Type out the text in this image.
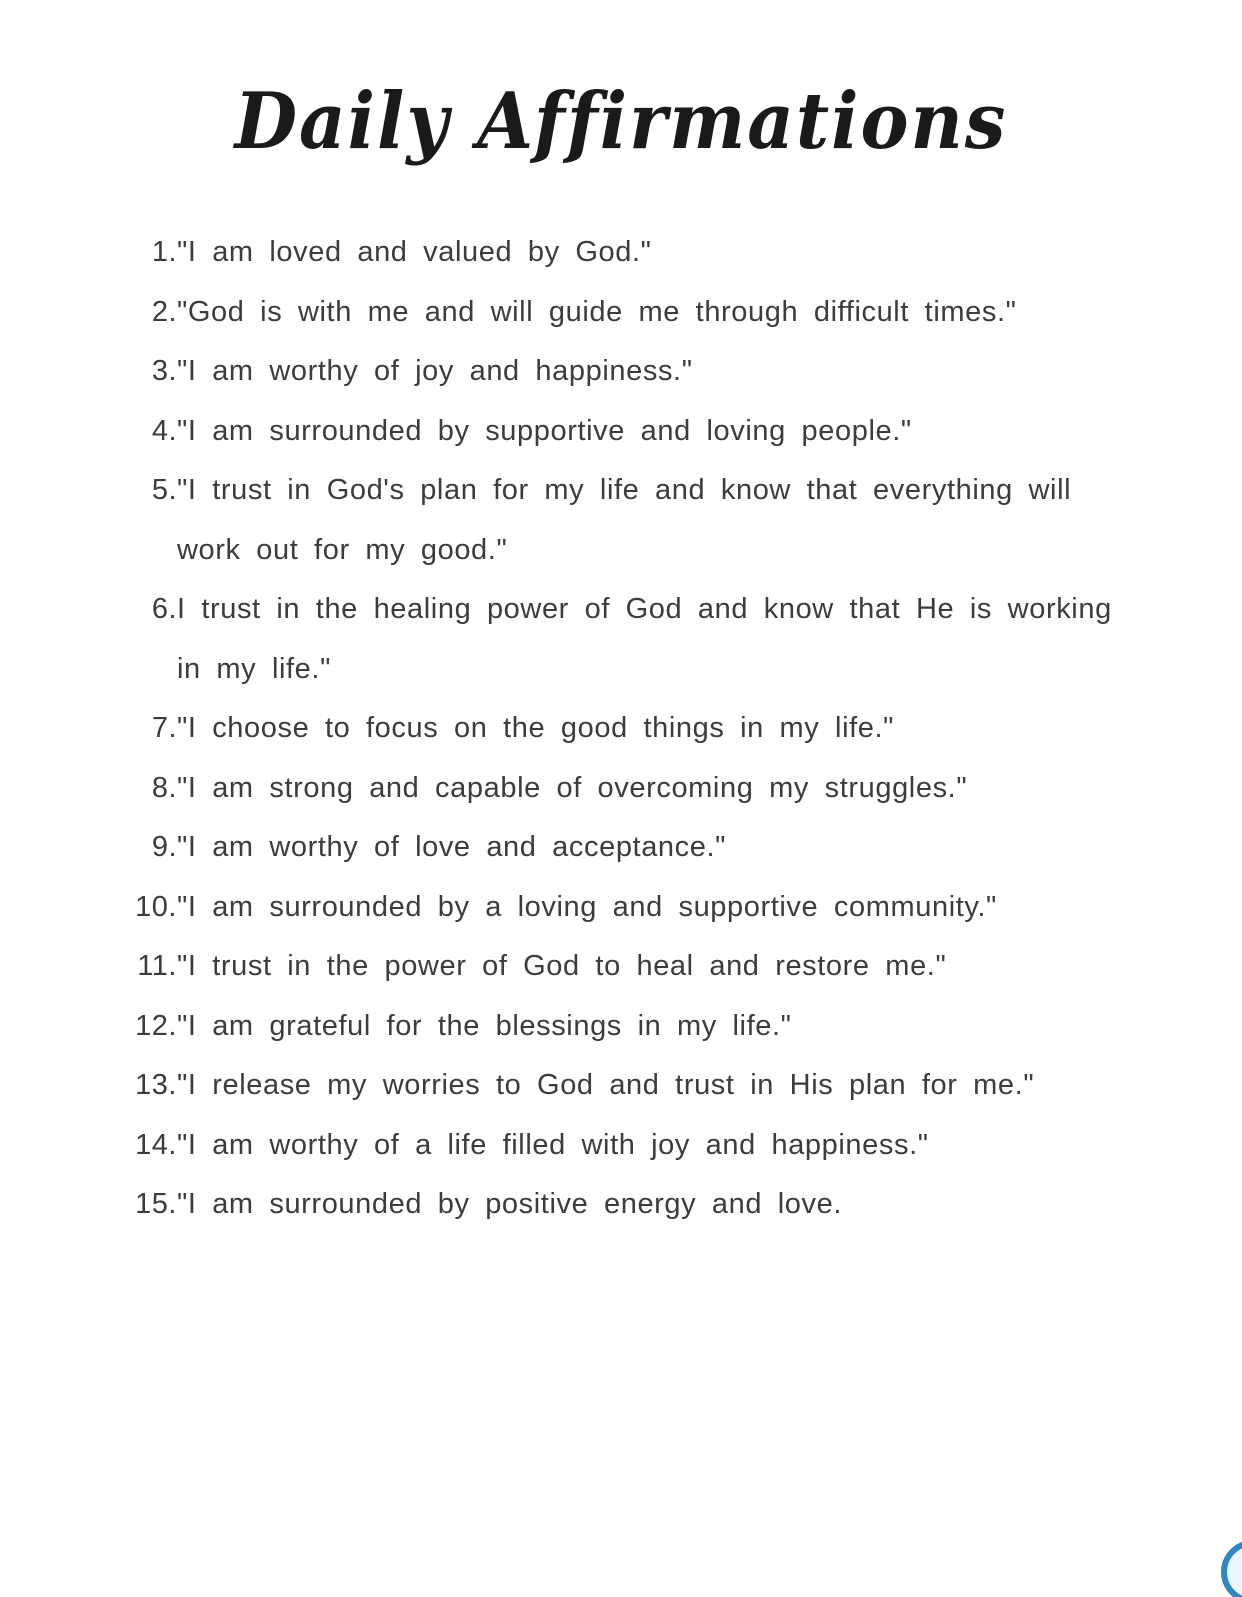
Daily Affirmations
1. "I am loved and valued by God."
2. "God is with me and will guide me through difficult times."
3. "I am worthy of joy and happiness."
4. "I am surrounded by supportive and loving people."
5. "I trust in God's plan for my life and know that everything will work out for my good."
6. I trust in the healing power of God and know that He is working in my life."
7. "I choose to focus on the good things in my life."
8. "I am strong and capable of overcoming my struggles."
9. "I am worthy of love and acceptance."
10. "I am surrounded by a loving and supportive community."
11. "I trust in the power of God to heal and restore me."
12. "I am grateful for the blessings in my life."
13. "I release my worries to God and trust in His plan for me."
14. "I am worthy of a life filled with joy and happiness."
15. "I am surrounded by positive energy and love.
